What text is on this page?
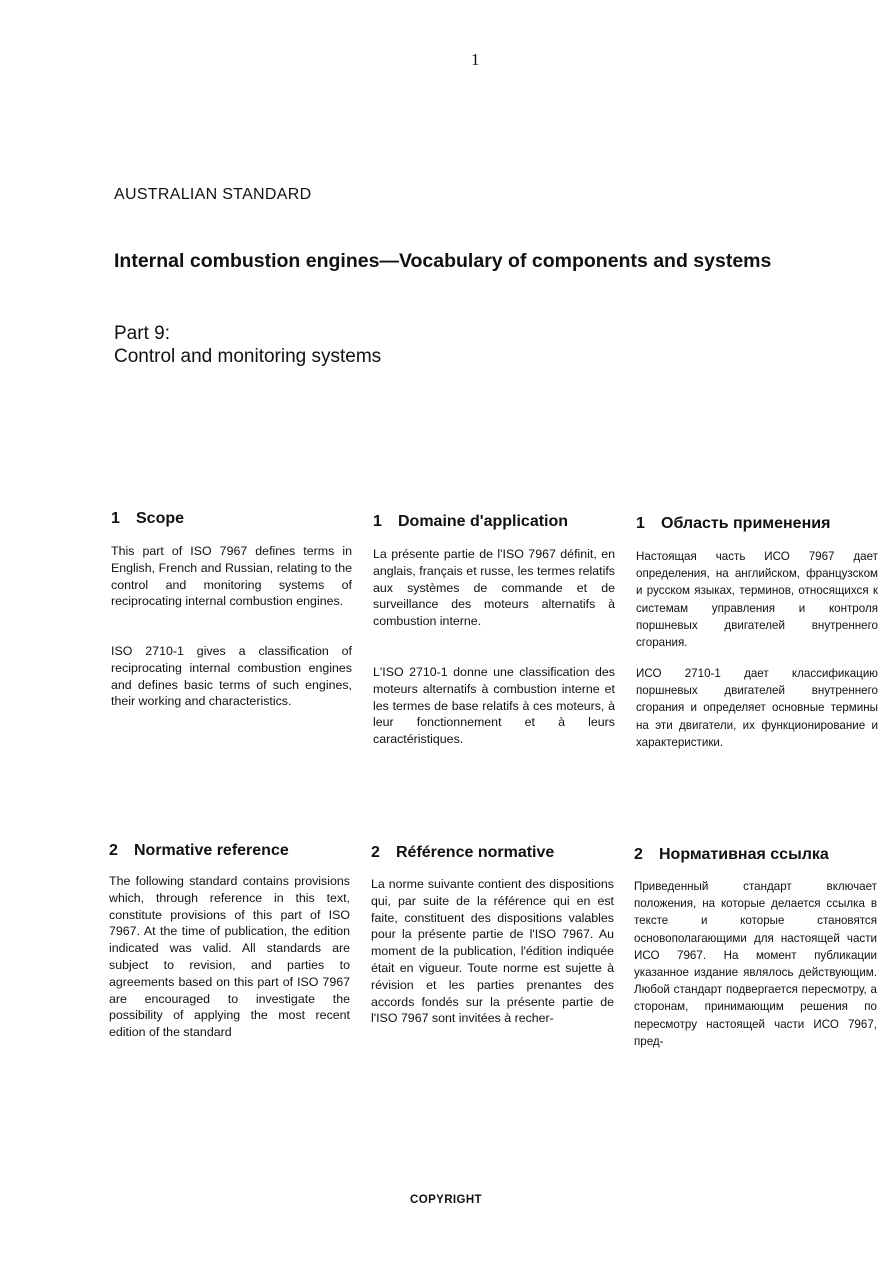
1
AUSTRALIAN STANDARD
Internal combustion engines—Vocabulary of components and systems
Part 9:
Control and monitoring systems
1 Scope

This part of ISO 7967 defines terms in English, French and Russian, relating to the control and monitoring systems of reciprocating internal combustion engines.

ISO 2710-1 gives a classification of reciprocating internal combustion engines and defines basic terms of such engines, their working and characteristics.

1 Domaine d'application

La présente partie de l'ISO 7967 définit, en anglais, français et russe, les termes relatifs aux systèmes de commande et de surveillance des moteurs alternatifs à combustion interne.

L'ISO 2710-1 donne une classification des moteurs alternatifs à combustion interne et les termes de base relatifs à ces moteurs, à leur fonctionnement et à leurs caractéristiques.

1 Область применения

Настоящая часть ИСО 7967 дает определения, на английском, французском и русском языках, терминов, относящихся к системам управления и контроля поршневых двигателей внутреннего сгорания.

ИСО 2710-1 дает классификацию поршневых двигателей внутреннего сгорания и определяет основные термины на эти двигатели, их функционирование и характеристики.

2 Normative reference

The following standard contains provisions which, through reference in this text, constitute provisions of this part of ISO 7967. At the time of publication, the edition indicated was valid. All standards are subject to revision, and parties to agreements based on this part of ISO 7967 are encouraged to investigate the possibility of applying the most recent edition of the standard

2 Référence normative

La norme suivante contient des dispositions qui, par suite de la référence qui en est faite, constituent des dispositions valables pour la présente partie de l'ISO 7967. Au moment de la publication, l'édition indiquée était en vigueur. Toute norme est sujette à révision et les parties prenantes des accords fondés sur la présente partie de l'ISO 7967 sont invitées à recher-

2 Нормативная ссылка

Приведенный стандарт включает положения, на которые делается ссылка в тексте и которые становятся основополагающими для настоящей части ИСО 7967. На момент публикации указанное издание являлось действующим. Любой стандарт подвергается пересмотру, а сторонам, принимающим решения по пересмотру настоящей части ИСО 7967, пред-

COPYRIGHT
